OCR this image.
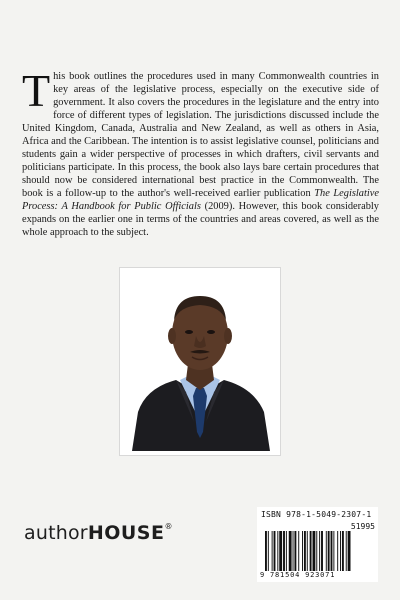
This book outlines the procedures used in many Commonwealth countries in key areas of the legislative process, especially on the executive side of government. It also covers the procedures in the legislature and the entry into force of different types of legislation. The jurisdictions discussed include the United Kingdom, Canada, Australia and New Zealand, as well as others in Asia, Africa and the Caribbean. The intention is to assist legislative counsel, politicians and students gain a wider perspective of processes in which drafters, civil servants and politicians participate. In this process, the book also lays bare certain procedures that should now be considered international best practice in the Commonwealth. The book is a follow-up to the author's well-received earlier publication The Legislative Process: A Handbook for Public Officials (2009). However, this book considerably expands on the earlier one in terms of the countries and areas covered, as well as the whole approach to the subject.
authorHOUSE®
ISBN 978-1-5049-2307-1
51995
9 781504 923071
